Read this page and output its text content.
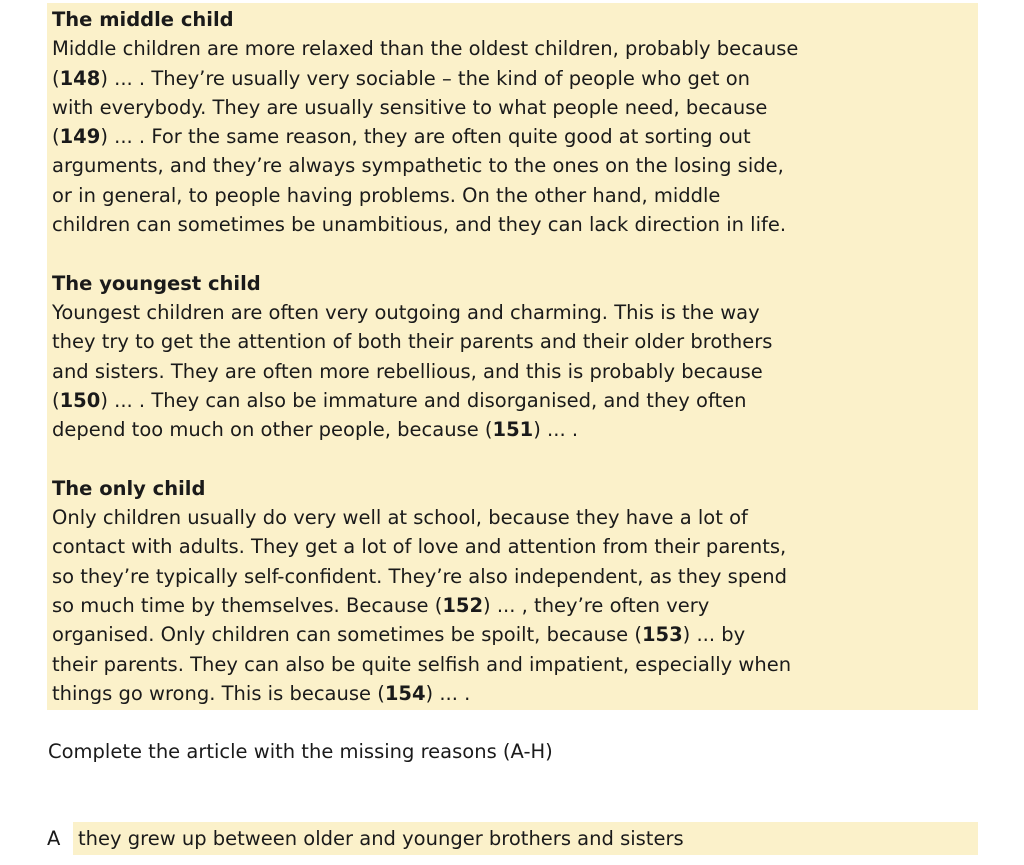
The middle child
Middle children are more relaxed than the oldest children, probably because
(148) ... . They’re usually very sociable – the kind of people who get on
with everybody. They are usually sensitive to what people need, because
(149) ... . For the same reason, they are often quite good at sorting out
arguments, and they’re always sympathetic to the ones on the losing side,
or in general, to people having problems. On the other hand, middle
children can sometimes be unambitious, and they can lack direction in life.
The youngest child
Youngest children are often very outgoing and charming. This is the way
they try to get the attention of both their parents and their older brothers
and sisters. They are often more rebellious, and this is probably because
(150) ... . They can also be immature and disorganised, and they often
depend too much on other people, because (151) ... .
The only child
Only children usually do very well at school, because they have a lot of
contact with adults. They get a lot of love and attention from their parents,
so they’re typically self-confident. They’re also independent, as they spend
so much time by themselves. Because (152) ... , they’re often very
organised. Only children can sometimes be spoilt, because (153) ... by
their parents. They can also be quite selfish and impatient, especially when
things go wrong. This is because (154) ... .
Complete the article with the missing reasons (A-H)
A they grew up between older and younger brothers and sisters
